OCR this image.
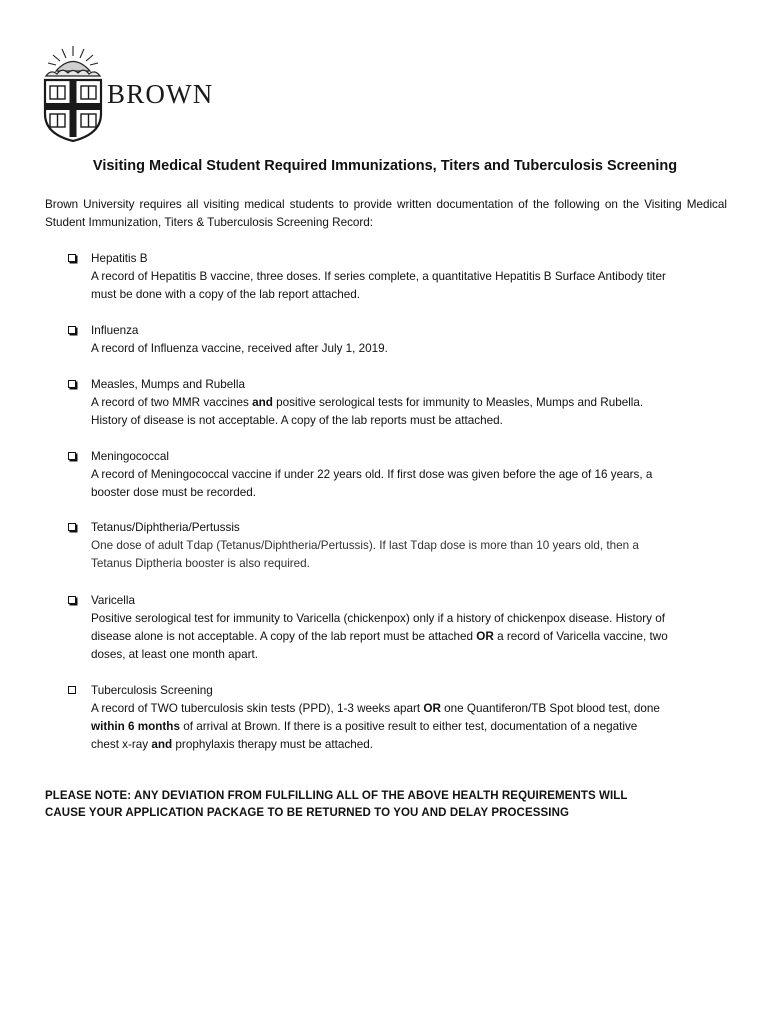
BROWN
Visiting Medical Student Required Immunizations, Titers and Tuberculosis Screening
Brown University requires all visiting medical students to provide written documentation of the following on the Visiting Medical Student Immunization, Titers & Tuberculosis Screening Record:
Hepatitis B
A record of Hepatitis B vaccine, three doses. If series complete, a quantitative Hepatitis B Surface Antibody titer
must be done with a copy of the lab report attached.
Influenza
A record of Influenza vaccine, received after July 1, 2019.
Measles, Mumps and Rubella
A record of two MMR vaccines and positive serological tests for immunity to Measles, Mumps and Rubella.
History of disease is not acceptable. A copy of the lab reports must be attached.
Meningococcal
A record of Meningococcal vaccine if under 22 years old. If first dose was given before the age of 16 years, a
booster dose must be recorded.
Tetanus/Diphtheria/Pertussis
One dose of adult Tdap (Tetanus/Diphtheria/Pertussis). If last Tdap dose is more than 10 years old, then a
Tetanus Diptheria booster is also required.
Varicella
Positive serological test for immunity to Varicella (chickenpox) only if a history of chickenpox disease. History of
disease alone is not acceptable. A copy of the lab report must be attached OR a record of Varicella vaccine, two
doses, at least one month apart.
Tuberculosis Screening
A record of TWO tuberculosis skin tests (PPD), 1-3 weeks apart OR one Quantiferon/TB Spot blood test, done
within 6 months of arrival at Brown. If there is a positive result to either test, documentation of a negative
chest x-ray and prophylaxis therapy must be attached.
PLEASE NOTE: ANY DEVIATION FROM FULFILLING ALL OF THE ABOVE HEALTH REQUIREMENTS WILL
CAUSE YOUR APPLICATION PACKAGE TO BE RETURNED TO YOU AND DELAY PROCESSING
